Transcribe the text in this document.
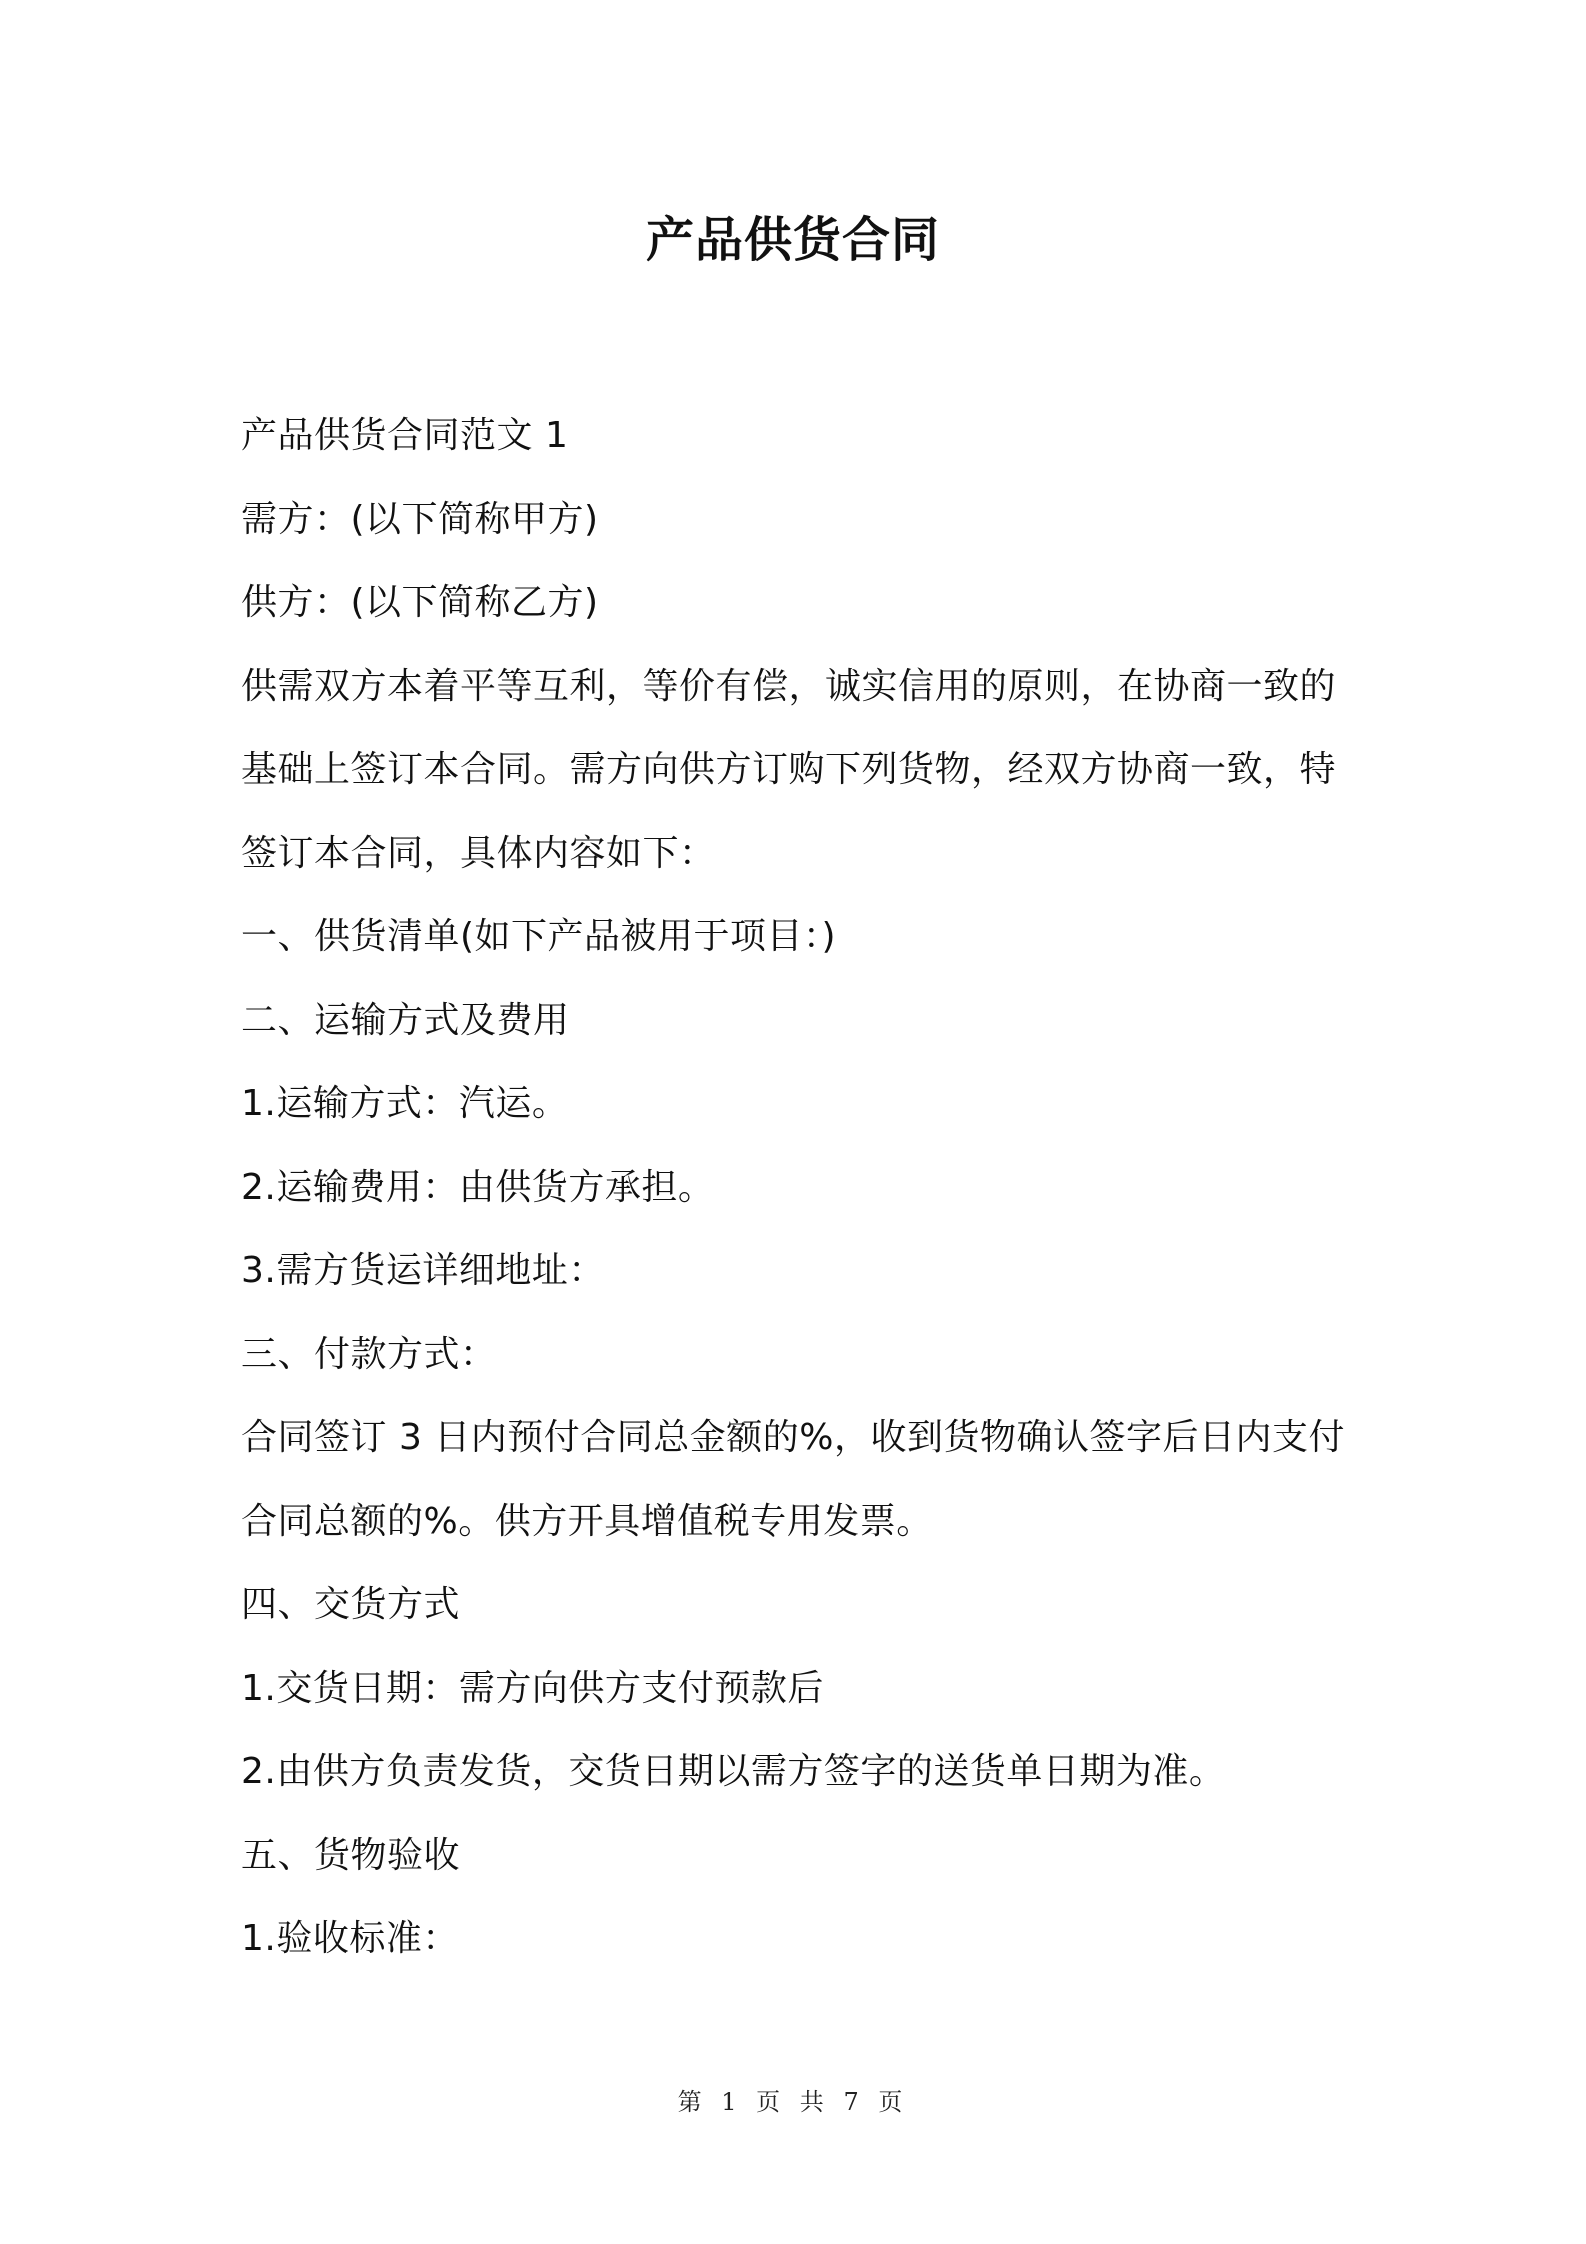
产品供货合同
产品供货合同范文 1
需方：(以下简称甲方)
供方：(以下简称乙方)
供需双方本着平等互利，等价有偿，诚实信用的原则，在协商一致的
基础上签订本合同。需方向供方订购下列货物，经双方协商一致，特
签订本合同，具体内容如下：
一、供货清单(如下产品被用于项目：)
二、运输方式及费用
1.运输方式：汽运。
2.运输费用：由供货方承担。
3.需方货运详细地址：
三、付款方式：
合同签订 3 日内预付合同总金额的%，收到货物确认签字后日内支付
合同总额的%。供方开具增值税专用发票。
四、交货方式
1.交货日期：需方向供方支付预款后
2.由供方负责发货，交货日期以需方签字的送货单日期为准。
五、货物验收
1.验收标准：
第 1 页 共 7 页
